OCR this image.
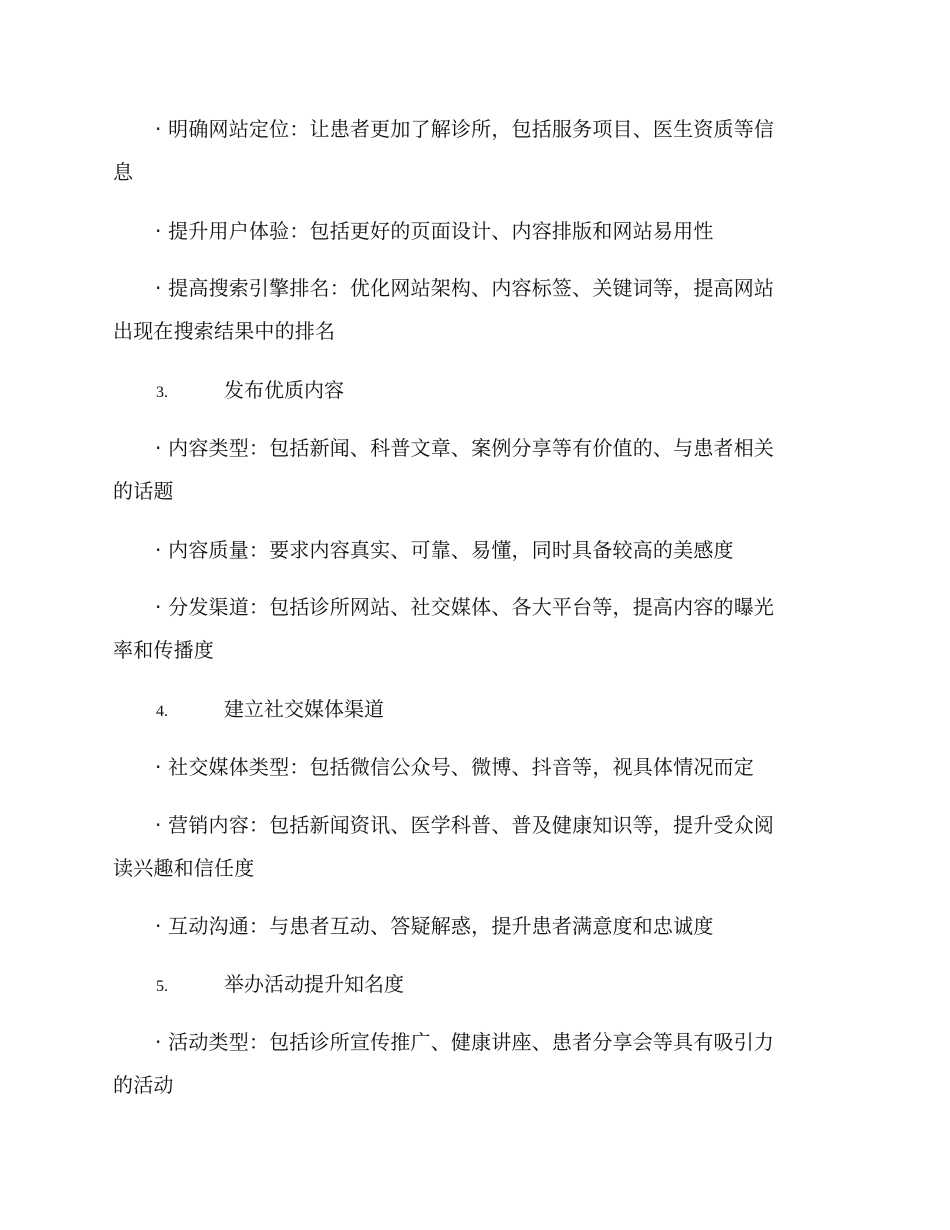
· 明确网站定位：让患者更加了解诊所，包括服务项目、医生资质等信
息
· 提升用户体验：包括更好的页面设计、内容排版和网站易用性
· 提高搜索引擎排名：优化网站架构、内容标签、关键词等，提高网站
出现在搜索结果中的排名
3.	发布优质内容
· 内容类型：包括新闻、科普文章、案例分享等有价值的、与患者相关
的话题
· 内容质量：要求内容真实、可靠、易懂，同时具备较高的美感度
· 分发渠道：包括诊所网站、社交媒体、各大平台等，提高内容的曝光
率和传播度
4.	建立社交媒体渠道
· 社交媒体类型：包括微信公众号、微博、抖音等，视具体情况而定
· 营销内容：包括新闻资讯、医学科普、普及健康知识等，提升受众阅
读兴趣和信任度
· 互动沟通：与患者互动、答疑解惑，提升患者满意度和忠诚度
5.	举办活动提升知名度
· 活动类型：包括诊所宣传推广、健康讲座、患者分享会等具有吸引力
的活动
